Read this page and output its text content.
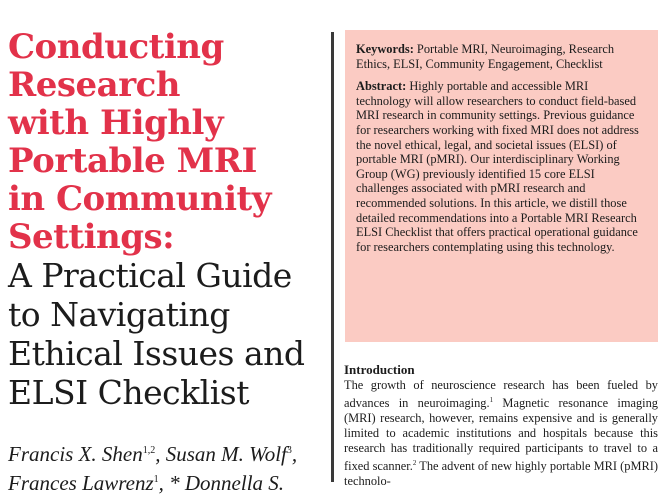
Conducting
Research
with Highly
Portable MRI
in Community
Settings:
A Practical Guide
to Navigating
Ethical Issues and
ELSI Checklist
Francis X. Shen$^{1,2}$, Susan M. Wolf$^3$,
Frances Lawrenz$^1$, * Donnella S.
Keywords: Portable MRI, Neuroimaging, Research Ethics, ELSI, Community Engagement, Checklist
Abstract: Highly portable and accessible MRI technology will allow researchers to conduct field-based MRI research in community settings. Previous guidance for researchers working with fixed MRI does not address the novel ethical, legal, and societal issues (ELSI) of portable MRI (pMRI). Our interdisciplinary Working Group (WG) previously identified 15 core ELSI challenges associated with pMRI research and recommended solutions. In this article, we distill those detailed recommendations into a Portable MRI Research ELSI Checklist that offers practical operational guidance for researchers contemplating using this technology.
Introduction

The growth of neuroscience research has been fueled by advances in neuroimaging.$^1$ Magnetic resonance imaging (MRI) research, however, remains expensive and is generally limited to academic institutions and hospitals because this research has traditionally required participants to travel to a fixed scanner.$^2$ The advent of new highly portable MRI (pMRI) technolo-
